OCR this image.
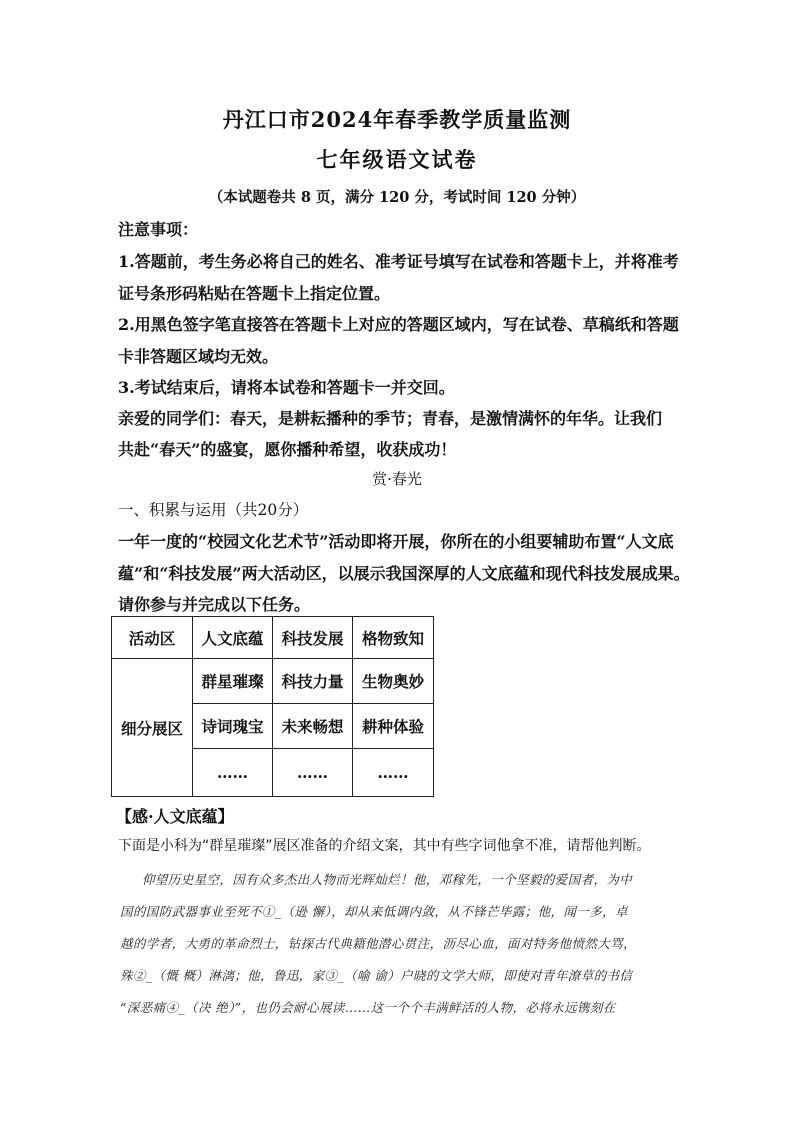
丹江口市2024年春季教学质量监测
七年级语文试卷
（本试题卷共 8 页，满分 120 分，考试时间 120 分钟）
注意事项：
1.答题前，考生务必将自己的姓名、准考证号填写在试卷和答题卡上，并将准考
证号条形码粘贴在答题卡上指定位置。
2.用黑色签字笔直接答在答题卡上对应的答题区域内，写在试卷、草稿纸和答题
卡非答题区域均无效。
3.考试结束后，请将本试卷和答题卡一并交回。
亲爱的同学们：春天，是耕耘播种的季节；青春，是激情满怀的年华。让我们
共赴“春天”的盛宴，愿你播种希望，收获成功！
赏·春光
一、积累与运用（共20分）
一年一度的“校园文化艺术节”活动即将开展，你所在的小组要辅助布置“人文底
蕴”和“科技发展”两大活动区，以展示我国深厚的人文底蕴和现代科技发展成果。
请你参与并完成以下任务。
活动区	人文底蕴	科技发展	格物致知
细分展区	群星璀璨	科技力量	生物奥妙
	诗词瑰宝	未来畅想	耕种体验
	……	……	……
【感·人文底蕴】
下面是小科为“群星璀璨”展区准备的介绍文案，其中有些字词他拿不准，请帮他判断。
仰望历史星空，因有众多杰出人物而光辉灿烂！他，邓稼先，一个坚毅的爱国者，为中
国的国防武器事业至死不①_（逊 懈），却从来低调内敛，从不锋芒毕露；他，闻一多，卓
越的学者，大勇的革命烈士，钻探古代典籍他潜心贯注，沥尽心血，面对特务他愤然大骂，
殊②_（慨 概）淋漓；他，鲁迅，家③_（喻 谕）户晓的文学大师，即使对青年潦草的书信
“深恶痛④_（决 绝）”，也仍会耐心展读……这一个个丰满鲜活的人物，必将永远镌刻在
